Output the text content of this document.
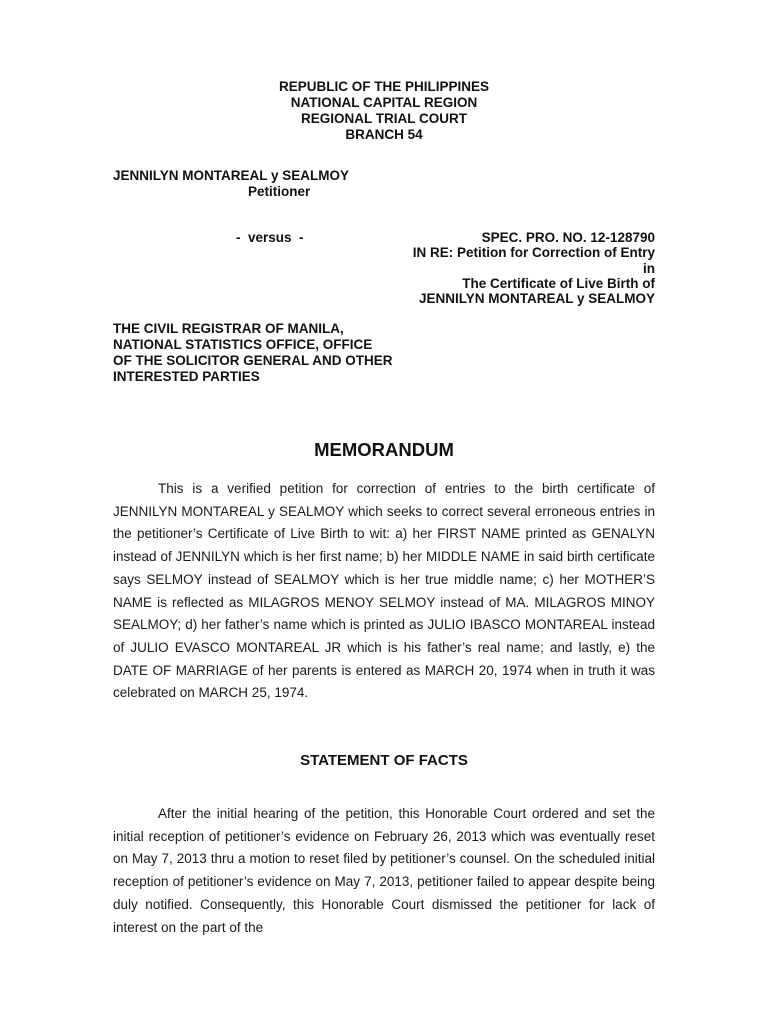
REPUBLIC OF THE PHILIPPINES
NATIONAL CAPITAL REGION
REGIONAL TRIAL COURT
BRANCH 54
JENNILYN MONTAREAL y SEALMOY
Petitioner
-  versus  -	SPEC. PRO. NO. 12-128790
IN RE: Petition for Correction of Entry
in
The Certificate of Live Birth of
JENNILYN MONTAREAL y SEALMOY
THE CIVIL REGISTRAR OF MANILA,
NATIONAL STATISTICS OFFICE, OFFICE
OF THE SOLICITOR GENERAL AND OTHER
INTERESTED PARTIES
MEMORANDUM
This is a verified petition for correction of entries to the birth certificate of JENNILYN MONTAREAL y SEALMOY which seeks to correct several erroneous entries in the petitioner’s Certificate of Live Birth to wit: a) her FIRST NAME printed as GENALYN instead of JENNILYN which is her first name; b) her MIDDLE NAME in said birth certificate says SELMOY instead of SEALMOY which is her true middle name; c) her MOTHER’S NAME is reflected as MILAGROS MENOY SELMOY instead of MA. MILAGROS MINOY SEALMOY; d) her father’s name which is printed as JULIO IBASCO MONTAREAL instead of JULIO EVASCO MONTAREAL JR which is his father’s real name; and lastly, e) the DATE OF MARRIAGE of her parents is entered as MARCH 20, 1974 when in truth it was celebrated on MARCH 25, 1974.
STATEMENT OF FACTS
After the initial hearing of the petition, this Honorable Court ordered and set the initial reception of petitioner’s evidence on February 26, 2013 which was eventually reset on May 7, 2013 thru a motion to reset filed by petitioner’s counsel. On the scheduled initial reception of petitioner’s evidence on May 7, 2013, petitioner failed to appear despite being duly notified. Consequently, this Honorable Court dismissed the petitioner for lack of interest on the part of the
